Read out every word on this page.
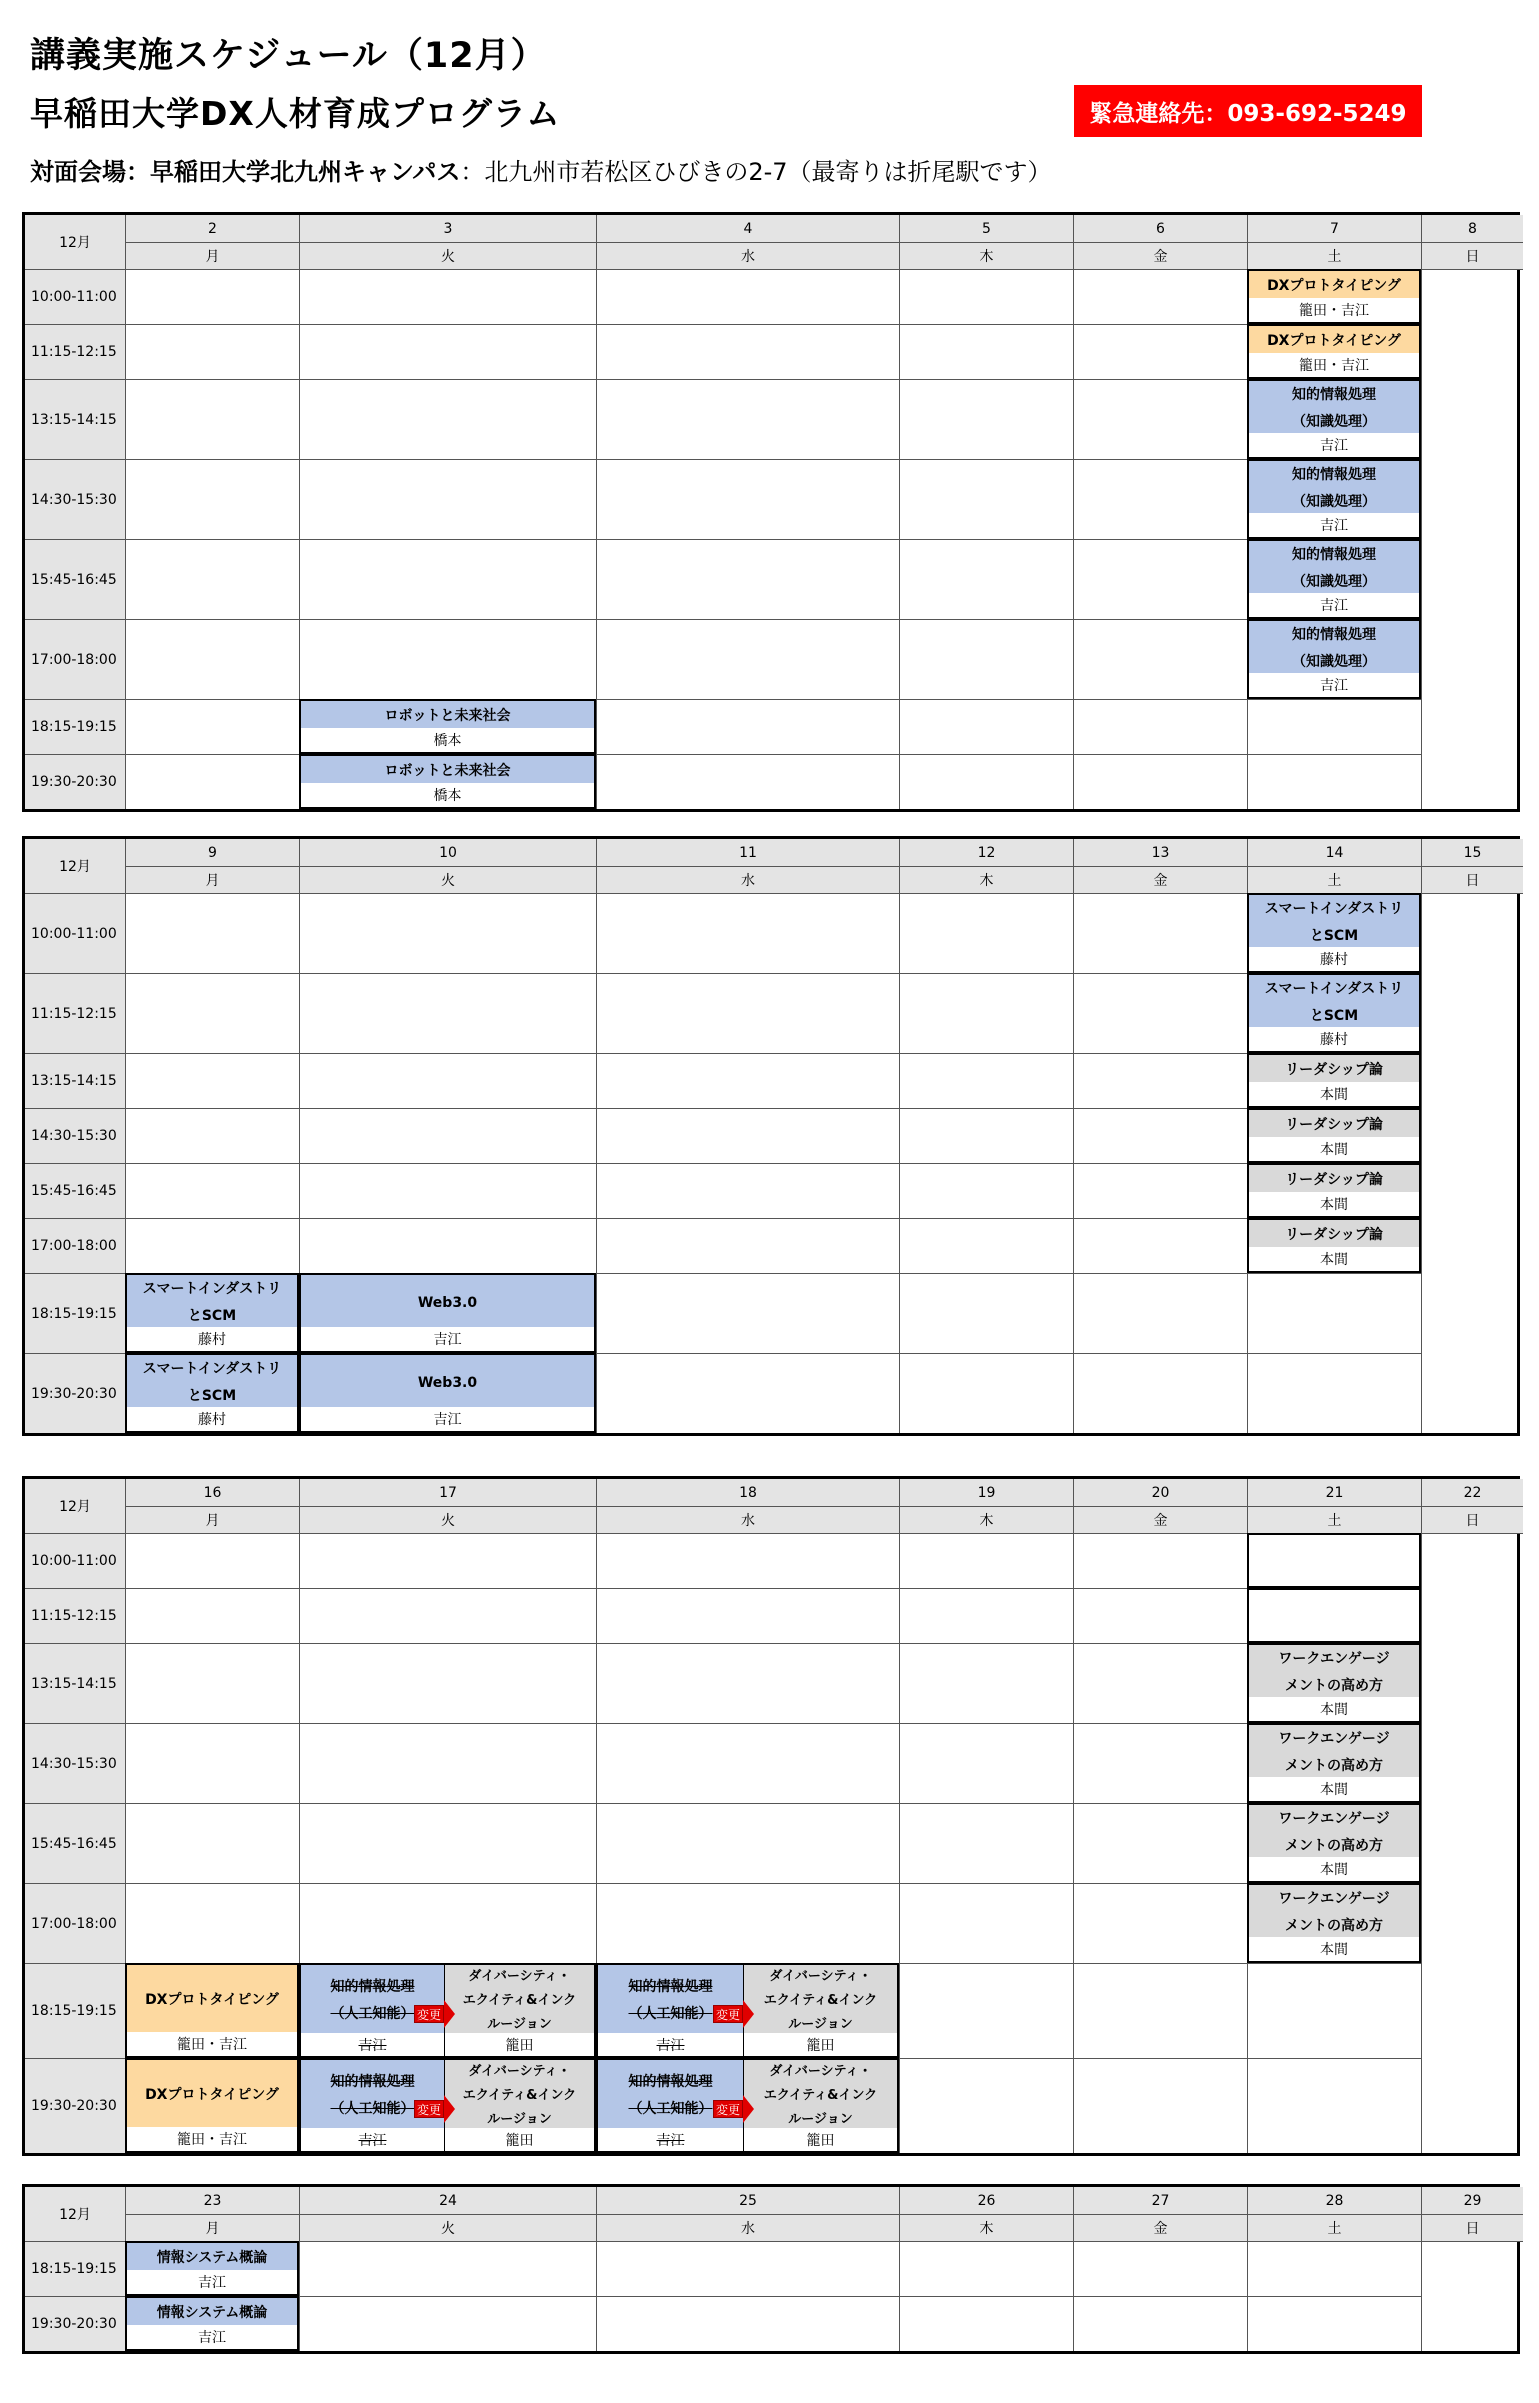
講義実施スケジュール（12月）
早稲田大学DX人材育成プログラム	緊急連絡先：093-692-5249
対面会場：早稲田大学北九州キャンパス：北九州市若松区ひびきの2-7（最寄りは折尾駅です）
12月
2
月
3
火
4
水
5
木
6
金
7
土
8
日
10:00-11:00
11:15-12:15
13:15-14:15
14:30-15:30
15:45-16:45
17:00-18:00
18:15-19:15
19:30-20:30
DXプロトタイピング
籠田・吉江
DXプロトタイピング
籠田・吉江
知的情報処理
（知識処理）
吉江
知的情報処理
（知識処理）
吉江
知的情報処理
（知識処理）
吉江
知的情報処理
（知識処理）
吉江
ロボットと未来社会
橋本
ロボットと未来社会
橋本
12月
9
月
10
火
11
水
12
木
13
金
14
土
15
日
10:00-11:00
11:15-12:15
13:15-14:15
14:30-15:30
15:45-16:45
17:00-18:00
18:15-19:15
19:30-20:30
スマートインダストリ
とSCM
藤村
スマートインダストリ
とSCM
藤村
リーダシップ論
本間
リーダシップ論
本間
リーダシップ論
本間
リーダシップ論
本間
スマートインダストリ
とSCM
藤村
Web3.0
吉江
スマートインダストリ
とSCM
藤村
Web3.0
吉江
12月
16
月
17
火
18
水
19
木
20
金
21
土
22
日
10:00-11:00
11:15-12:15
13:15-14:15
14:30-15:30
15:45-16:45
17:00-18:00
18:15-19:15
19:30-20:30
ワークエンゲージ
メントの高め方
本間
ワークエンゲージ
メントの高め方
本間
ワークエンゲージ
メントの高め方
本間
ワークエンゲージ
メントの高め方
本間
DXプロトタイピング
籠田・吉江
DXプロトタイピング
籠田・吉江
知的情報処理
（人工知能）
吉江
ダイバーシティ・
エクイティ&インク
ルージョン
籠田
変更
知的情報処理
（人工知能）
吉江
ダイバーシティ・
エクイティ&インク
ルージョン
籠田
変更
知的情報処理
（人工知能）
吉江
ダイバーシティ・
エクイティ&インク
ルージョン
籠田
変更
知的情報処理
（人工知能）
吉江
ダイバーシティ・
エクイティ&インク
ルージョン
籠田
変更
12月
23
月
24
火
25
水
26
木
27
金
28
土
29
日
18:15-19:15
19:30-20:30
情報システム概論
吉江
情報システム概論
吉江
